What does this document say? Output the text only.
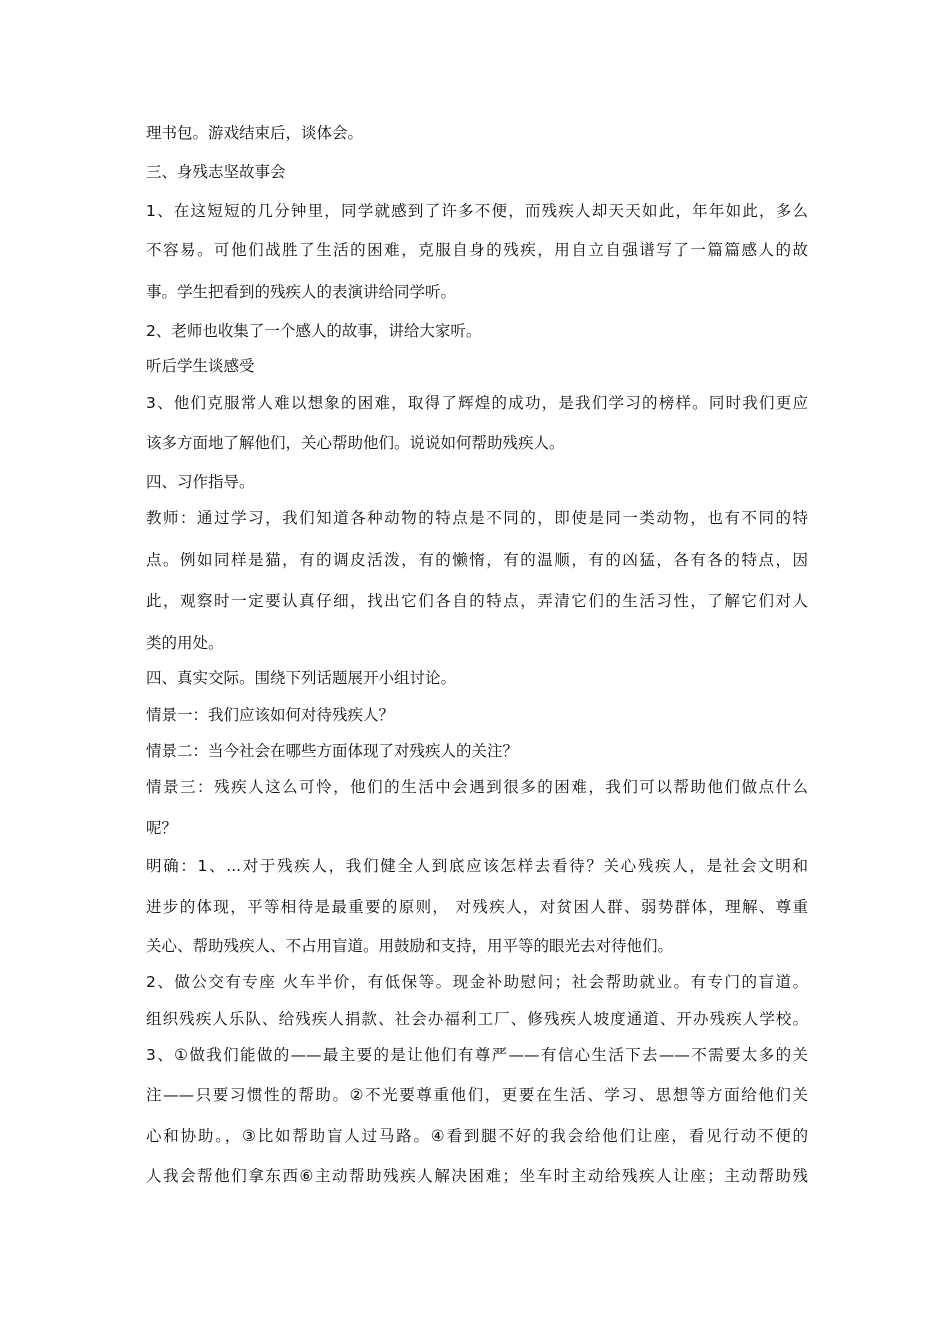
理书包。游戏结束后，谈体会。
三、身残志坚故事会
1、在这短短的几分钟里，同学就感到了许多不便，而残疾人却天天如此，年年如此，多么
不容易。可他们战胜了生活的困难，克服自身的残疾，用自立自强谱写了一篇篇感人的故
事。学生把看到的残疾人的表演讲给同学听。
2、老师也收集了一个感人的故事，讲给大家听。
听后学生谈感受
3、他们克服常人难以想象的困难，取得了辉煌的成功，是我们学习的榜样。同时我们更应
该多方面地了解他们，关心帮助他们。说说如何帮助残疾人。
四、习作指导。
教师：通过学习，我们知道各种动物的特点是不同的，即使是同一类动物，也有不同的特
点。例如同样是猫，有的调皮活泼，有的懒惰，有的温顺，有的凶猛，各有各的特点，因
此，观察时一定要认真仔细，找出它们各自的特点，弄清它们的生活习性，了解它们对人
类的用处。
四、真实交际。围绕下列话题展开小组讨论。
情景一：我们应该如何对待残疾人？
情景二：当今社会在哪些方面体现了对残疾人的关注？
情景三：残疾人这么可怜，他们的生活中会遇到很多的困难，我们可以帮助他们做点什么
呢？
明确：1、...对于残疾人，我们健全人到底应该怎样去看待？关心残疾人，是社会文明和
进步的体现，平等相待是最重要的原则， 对残疾人，对贫困人群、弱势群体，理解、尊重
关心、帮助残疾人、不占用盲道。用鼓励和支持，用平等的眼光去对待他们。
2、做公交有专座 火车半价，有低保等。现金补助慰问；社会帮助就业。有专门的盲道。
组织残疾人乐队、给残疾人捐款、社会办福利工厂、修残疾人坡度通道、开办残疾人学校。
3、①做我们能做的——最主要的是让他们有尊严——有信心生活下去——不需要太多的关
注——只要习惯性的帮助。②不光要尊重他们，更要在生活、学习、思想等方面给他们关
心和协助。，③比如帮助盲人过马路。④看到腿不好的我会给他们让座，看见行动不便的
人我会帮他们拿东西⑥主动帮助残疾人解决困难；坐车时主动给残疾人让座；主动帮助残
